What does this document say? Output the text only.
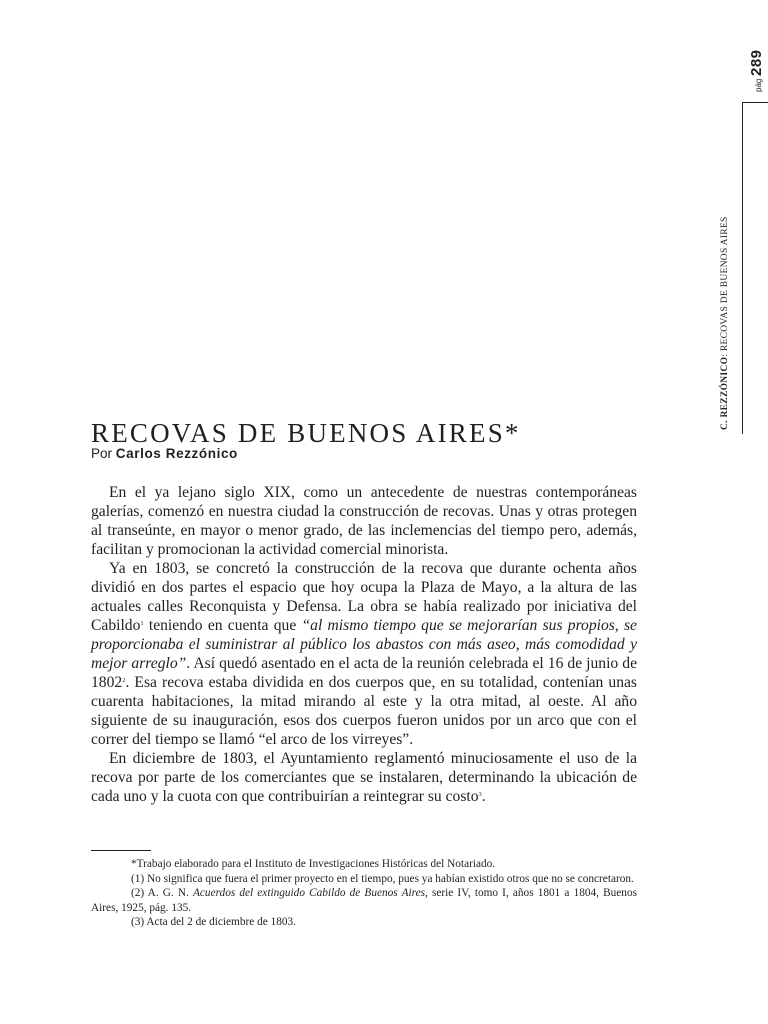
pág
289
C. REZZÓNICO: RECOVAS DE BUENOS AIRES
RECOVAS DE BUENOS AIRES*
Por Carlos Rezzónico

En el ya lejano siglo XIX, como un antecedente de nuestras contemporáneas galerías, comenzó en nuestra ciudad la construcción de recovas. Unas y otras protegen al transeúnte, en mayor o menor grado, de las inclemencias del tiempo pero, además, facilitan y promocionan la actividad comercial minorista.

Ya en 1803, se concretó la construcción de la recova que durante ochenta años dividió en dos partes el espacio que hoy ocupa la Plaza de Mayo, a la altura de las actuales calles Reconquista y Defensa. La obra se había realizado por iniciativa del Cabildo$^1$ teniendo en cuenta que “al mismo tiempo que se mejorarían sus propios, se proporcionaba el suministrar al público los abastos con más aseo, más comodidad y mejor arreglo”. Así quedó asentado en el acta de la reunión celebrada el 16 de junio de 1802$^2$. Esa recova estaba dividida en dos cuerpos que, en su totalidad, contenían unas cuarenta habitaciones, la mitad mirando al este y la otra mitad, al oeste. Al año siguiente de su inauguración, esos dos cuerpos fueron unidos por un arco que con el correr del tiempo se llamó “el arco de los virreyes”.

En diciembre de 1803, el Ayuntamiento reglamentó minuciosamente el uso de la recova por parte de los comerciantes que se instalaren, determinando la ubicación de cada uno y la cuota con que contribuirían a reintegrar su costo$^3$.

*Trabajo elaborado para el Instituto de Investigaciones Históricas del Notariado.

(1) No significa que fuera el primer proyecto en el tiempo, pues ya habían existido otros que no se concretaron.

(2) A. G. N. Acuerdos del extinguido Cabildo de Buenos Aires, serie IV, tomo I, años 1801 a 1804, Buenos Aires, 1925, pág. 135.

(3) Acta del 2 de diciembre de 1803.
